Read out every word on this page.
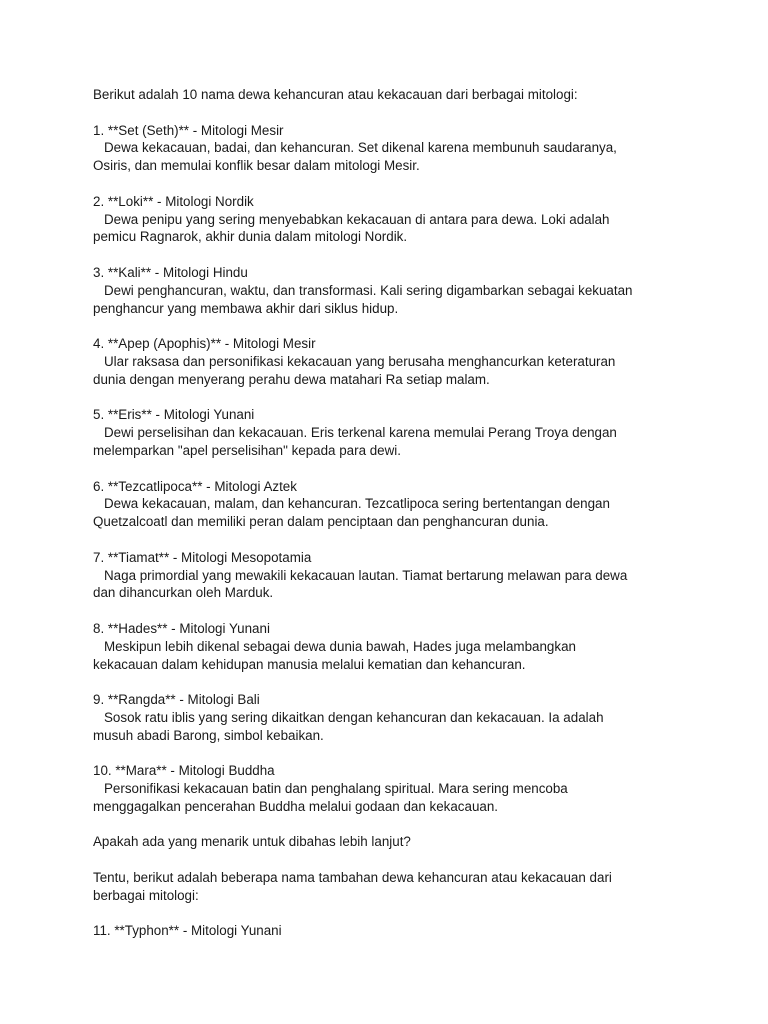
Berikut adalah 10 nama dewa kehancuran atau kekacauan dari berbagai mitologi:

1. **Set (Seth)** - Mitologi Mesir
Dewa kekacauan, badai, dan kehancuran. Set dikenal karena membunuh saudaranya,
Osiris, dan memulai konflik besar dalam mitologi Mesir.
2. **Loki** - Mitologi Nordik
Dewa penipu yang sering menyebabkan kekacauan di antara para dewa. Loki adalah
pemicu Ragnarok, akhir dunia dalam mitologi Nordik.
3. **Kali** - Mitologi Hindu
Dewi penghancuran, waktu, dan transformasi. Kali sering digambarkan sebagai kekuatan
penghancur yang membawa akhir dari siklus hidup.
4. **Apep (Apophis)** - Mitologi Mesir
Ular raksasa dan personifikasi kekacauan yang berusaha menghancurkan keteraturan
dunia dengan menyerang perahu dewa matahari Ra setiap malam.
5. **Eris** - Mitologi Yunani
Dewi perselisihan dan kekacauan. Eris terkenal karena memulai Perang Troya dengan
melemparkan "apel perselisihan" kepada para dewi.
6. **Tezcatlipoca** - Mitologi Aztek
Dewa kekacauan, malam, dan kehancuran. Tezcatlipoca sering bertentangan dengan
Quetzalcoatl dan memiliki peran dalam penciptaan dan penghancuran dunia.
7. **Tiamat** - Mitologi Mesopotamia
Naga primordial yang mewakili kekacauan lautan. Tiamat bertarung melawan para dewa
dan dihancurkan oleh Marduk.
8. **Hades** - Mitologi Yunani
Meskipun lebih dikenal sebagai dewa dunia bawah, Hades juga melambangkan
kekacauan dalam kehidupan manusia melalui kematian dan kehancuran.
9. **Rangda** - Mitologi Bali
Sosok ratu iblis yang sering dikaitkan dengan kehancuran dan kekacauan. Ia adalah
musuh abadi Barong, simbol kebaikan.
10. **Mara** - Mitologi Buddha
Personifikasi kekacauan batin dan penghalang spiritual. Mara sering mencoba
menggagalkan pencerahan Buddha melalui godaan dan kekacauan.

Apakah ada yang menarik untuk dibahas lebih lanjut?

Tentu, berikut adalah beberapa nama tambahan dewa kehancuran atau kekacauan dari
berbagai mitologi:
11. **Typhon** - Mitologi Yunani
